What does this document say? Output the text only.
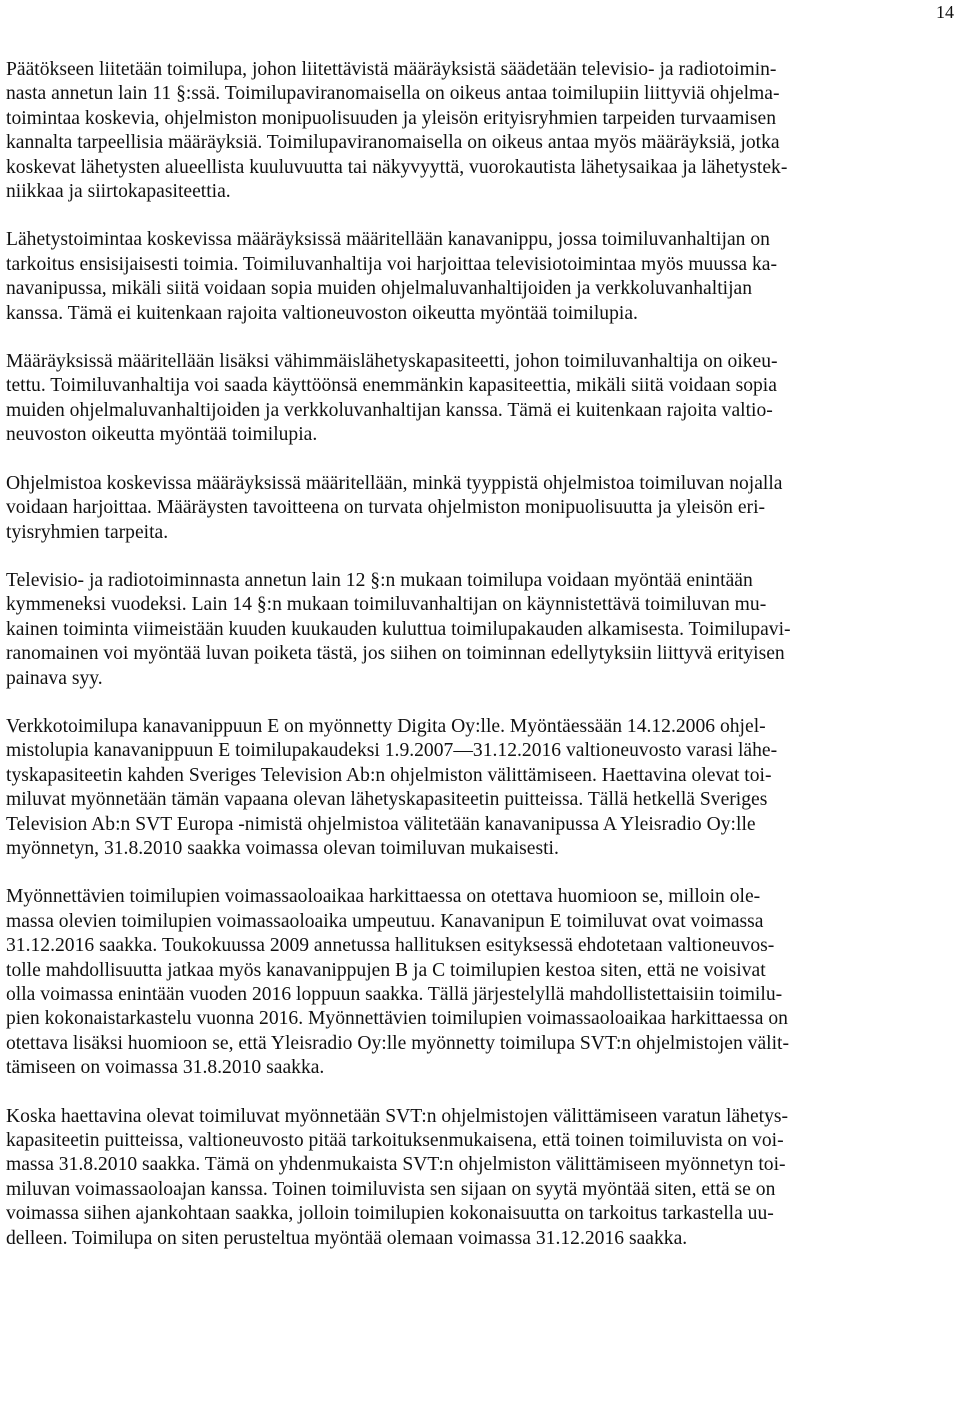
14

Päätökseen liitetään toimilupa, johon liitettävistä määräyksistä säädetään televisio- ja radiotoimin-
nasta annetun lain 11 §:ssä. Toimilupaviranomaisella on oikeus antaa toimilupiin liittyviä ohjelma-
toimintaa koskevia, ohjelmiston monipuolisuuden ja yleisön erityisryhmien tarpeiden turvaamisen
kannalta tarpeellisia määräyksiä. Toimilupaviranomaisella on oikeus antaa myös määräyksiä, jotka
koskevat lähetysten alueellista kuuluvuutta tai näkyvyyttä, vuorokautista lähetysaikaa ja lähetystek-
niikkaa ja siirtokapasiteettia.

Lähetystoimintaa koskevissa määräyksissä määritellään kanavanippu, jossa toimiluvanhaltijan on
tarkoitus ensisijaisesti toimia. Toimiluvanhaltija voi harjoittaa televisiotoimintaa myös muussa ka-
navanipussa, mikäli siitä voidaan sopia muiden ohjelmaluvanhaltijoiden ja verkkoluvanhaltijan
kanssa. Tämä ei kuitenkaan rajoita valtioneuvoston oikeutta myöntää toimilupia.

Määräyksissä määritellään lisäksi vähimmäislähetyskapasiteetti, johon toimiluvanhaltija on oikeu-
tettu. Toimiluvanhaltija voi saada käyttöönsä enemmänkin kapasiteettia, mikäli siitä voidaan sopia
muiden ohjelmaluvanhaltijoiden ja verkkoluvanhaltijan kanssa. Tämä ei kuitenkaan rajoita valtio-
neuvoston oikeutta myöntää toimilupia.

Ohjelmistoa koskevissa määräyksissä määritellään, minkä tyyppistä ohjelmistoa toimiluvan nojalla
voidaan harjoittaa. Määräysten tavoitteena on turvata ohjelmiston monipuolisuutta ja yleisön eri-
tyisryhmien tarpeita.

Televisio- ja radiotoiminnasta annetun lain 12 §:n mukaan toimilupa voidaan myöntää enintään
kymmeneksi vuodeksi. Lain 14 §:n mukaan toimiluvanhaltijan on käynnistettävä toimiluvan mu-
kainen toiminta viimeistään kuuden kuukauden kuluttua toimilupakauden alkamisesta. Toimilupavi-
ranomainen voi myöntää luvan poiketa tästä, jos siihen on toiminnan edellytyksiin liittyvä erityisen
painava syy.

Verkkotoimilupa kanavanippuun E on myönnetty Digita Oy:lle. Myöntäessään 14.12.2006 ohjel-
mistolupia kanavanippuun E toimilupakaudeksi 1.9.2007—31.12.2016 valtioneuvosto varasi lähe-
tyskapasiteetin kahden Sveriges Television Ab:n ohjelmiston välittämiseen. Haettavina olevat toi-
miluvat myönnetään tämän vapaana olevan lähetyskapasiteetin puitteissa. Tällä hetkellä Sveriges
Television Ab:n SVT Europa -nimistä ohjelmistoa välitetään kanavanipussa A Yleisradio Oy:lle
myönnetyn, 31.8.2010 saakka voimassa olevan toimiluvan mukaisesti.

Myönnettävien toimilupien voimassaoloaikaa harkittaessa on otettava huomioon se, milloin ole-
massa olevien toimilupien voimassaoloaika umpeutuu. Kanavanipun E toimiluvat ovat voimassa
31.12.2016 saakka. Toukokuussa 2009 annetussa hallituksen esityksessä ehdotetaan valtioneuvos-
tolle mahdollisuutta jatkaa myös kanavanippujen B ja C toimilupien kestoa siten, että ne voisivat
olla voimassa enintään vuoden 2016 loppuun saakka. Tällä järjestelyllä mahdollistettaisiin toimilu-
pien kokonaistarkastelu vuonna 2016. Myönnettävien toimilupien voimassaoloaikaa harkittaessa on
otettava lisäksi huomioon se, että Yleisradio Oy:lle myönnetty toimilupa SVT:n ohjelmistojen välit-
tämiseen on voimassa 31.8.2010 saakka.

Koska haettavina olevat toimiluvat myönnetään SVT:n ohjelmistojen välittämiseen varatun lähetys-
kapasiteetin puitteissa, valtioneuvosto pitää tarkoituksenmukaisena, että toinen toimiluvista on voi-
massa 31.8.2010 saakka. Tämä on yhdenmukaista SVT:n ohjelmiston välittämiseen myönnetyn toi-
miluvan voimassaoloajan kanssa. Toinen toimiluvista sen sijaan on syytä myöntää siten, että se on
voimassa siihen ajankohtaan saakka, jolloin toimilupien kokonaisuutta on tarkoitus tarkastella uu-
delleen. Toimilupa on siten perusteltua myöntää olemaan voimassa 31.12.2016 saakka.
